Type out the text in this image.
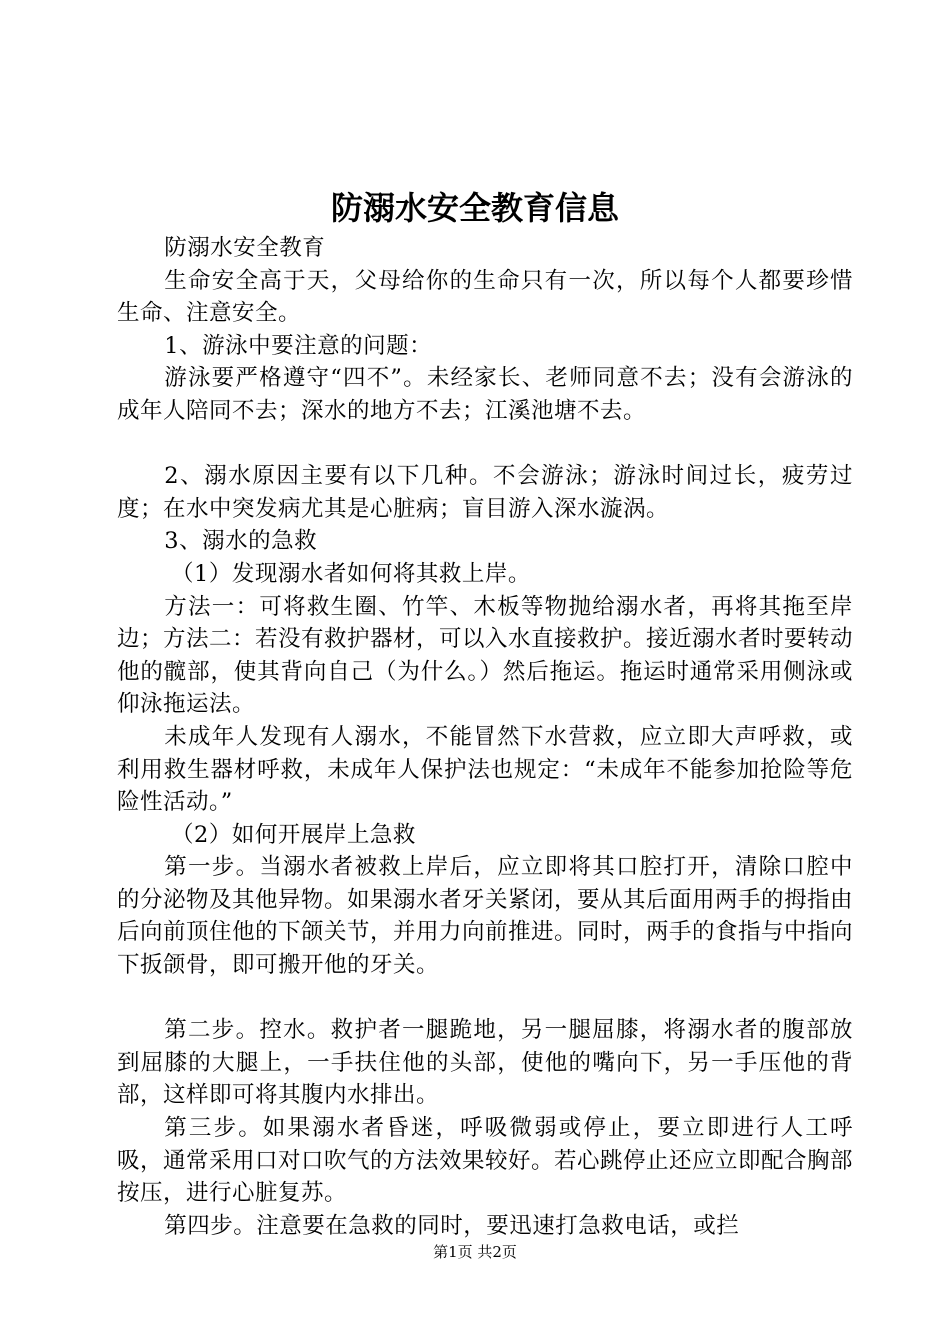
防溺水安全教育信息

防溺水安全教育

生命安全高于天，父母给你的生命只有一次，所以每个人都要珍惜生命、注意安全。

1、游泳中要注意的问题：

游泳要严格遵守“四不”。未经家长、老师同意不去；没有会游泳的成年人陪同不去；深水的地方不去；江溪池塘不去。

2、溺水原因主要有以下几种。不会游泳；游泳时间过长，疲劳过度；在水中突发病尤其是心脏病；盲目游入深水漩涡。

3、溺水的急救

（1）发现溺水者如何将其救上岸。

方法一：可将救生圈、竹竿、木板等物抛给溺水者，再将其拖至岸边；方法二：若没有救护器材，可以入水直接救护。接近溺水者时要转动他的髋部，使其背向自己（为什么。）然后拖运。拖运时通常采用侧泳或仰泳拖运法。

未成年人发现有人溺水，不能冒然下水营救，应立即大声呼救，或利用救生器材呼救，未成年人保护法也规定：“未成年不能参加抢险等危险性活动。”

（2）如何开展岸上急救

第一步。当溺水者被救上岸后，应立即将其口腔打开，清除口腔中的分泌物及其他异物。如果溺水者牙关紧闭，要从其后面用两手的拇指由后向前顶住他的下颌关节，并用力向前推进。同时，两手的食指与中指向下扳颌骨，即可搬开他的牙关。

第二步。控水。救护者一腿跪地，另一腿屈膝，将溺水者的腹部放到屈膝的大腿上，一手扶住他的头部，使他的嘴向下，另一手压他的背部，这样即可将其腹内水排出。

第三步。如果溺水者昏迷，呼吸微弱或停止，要立即进行人工呼吸，通常采用口对口吹气的方法效果较好。若心跳停止还应立即配合胸部按压，进行心脏复苏。

第四步。注意要在急救的同时，要迅速打急救电话，或拦

第1页 共2页
